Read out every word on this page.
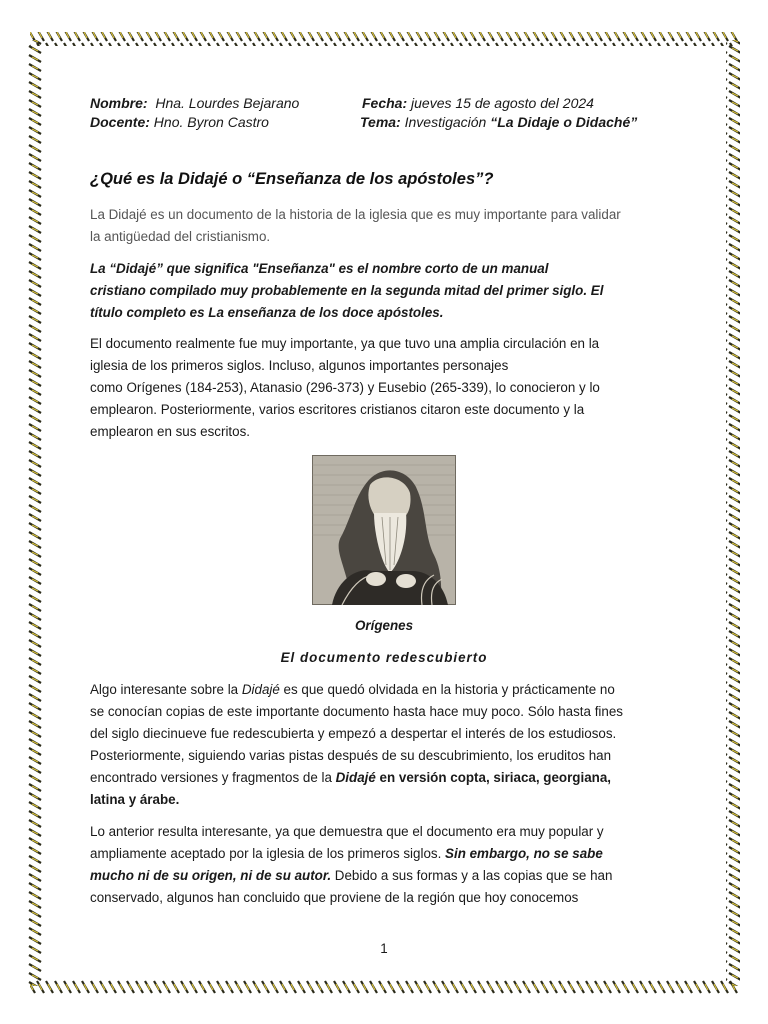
Nombre: Hna. Lourdes Bejarano	Fecha: jueves 15 de agosto del 2024
Docente: Hno. Byron Castro	Tema: Investigación “La Didaje o Didaché”
¿Qué es la Didajé o “Enseñanza de los apóstoles”?

La Didajé es un documento de la historia de la iglesia que es muy importante para validar

la antigüedad del cristianismo.

La “Didajé” que significa "Enseñanza" es el nombre corto de un manual

cristiano compilado muy probablemente en la segunda mitad del primer siglo. El

título completo es La enseñanza de los doce apóstoles.

El documento realmente fue muy importante, ya que tuvo una amplia circulación en la

iglesia de los primeros siglos. Incluso, algunos importantes personajes

como Orígenes (184-253), Atanasio (296-373) y Eusebio (265-339), lo conocieron y lo

emplearon. Posteriormente, varios escritores cristianos citaron este documento y la

emplearon en sus escritos.

Orígenes
El documento redescubierto

Algo interesante sobre la Didajé es que quedó olvidada en la historia y prácticamente no

se conocían copias de este importante documento hasta hace muy poco. Sólo hasta fines

del siglo diecinueve fue redescubierta y empezó a despertar el interés de los estudiosos.

Posteriormente, siguiendo varias pistas después de su descubrimiento, los eruditos han

encontrado versiones y fragmentos de la Didajé en versión copta, siriaca, georgiana,

latina y árabe.

Lo anterior resulta interesante, ya que demuestra que el documento era muy popular y

ampliamente aceptado por la iglesia de los primeros siglos. Sin embargo, no se sabe

mucho ni de su origen, ni de su autor. Debido a sus formas y a las copias que se han

conservado, algunos han concluido que proviene de la región que hoy conocemos

1
